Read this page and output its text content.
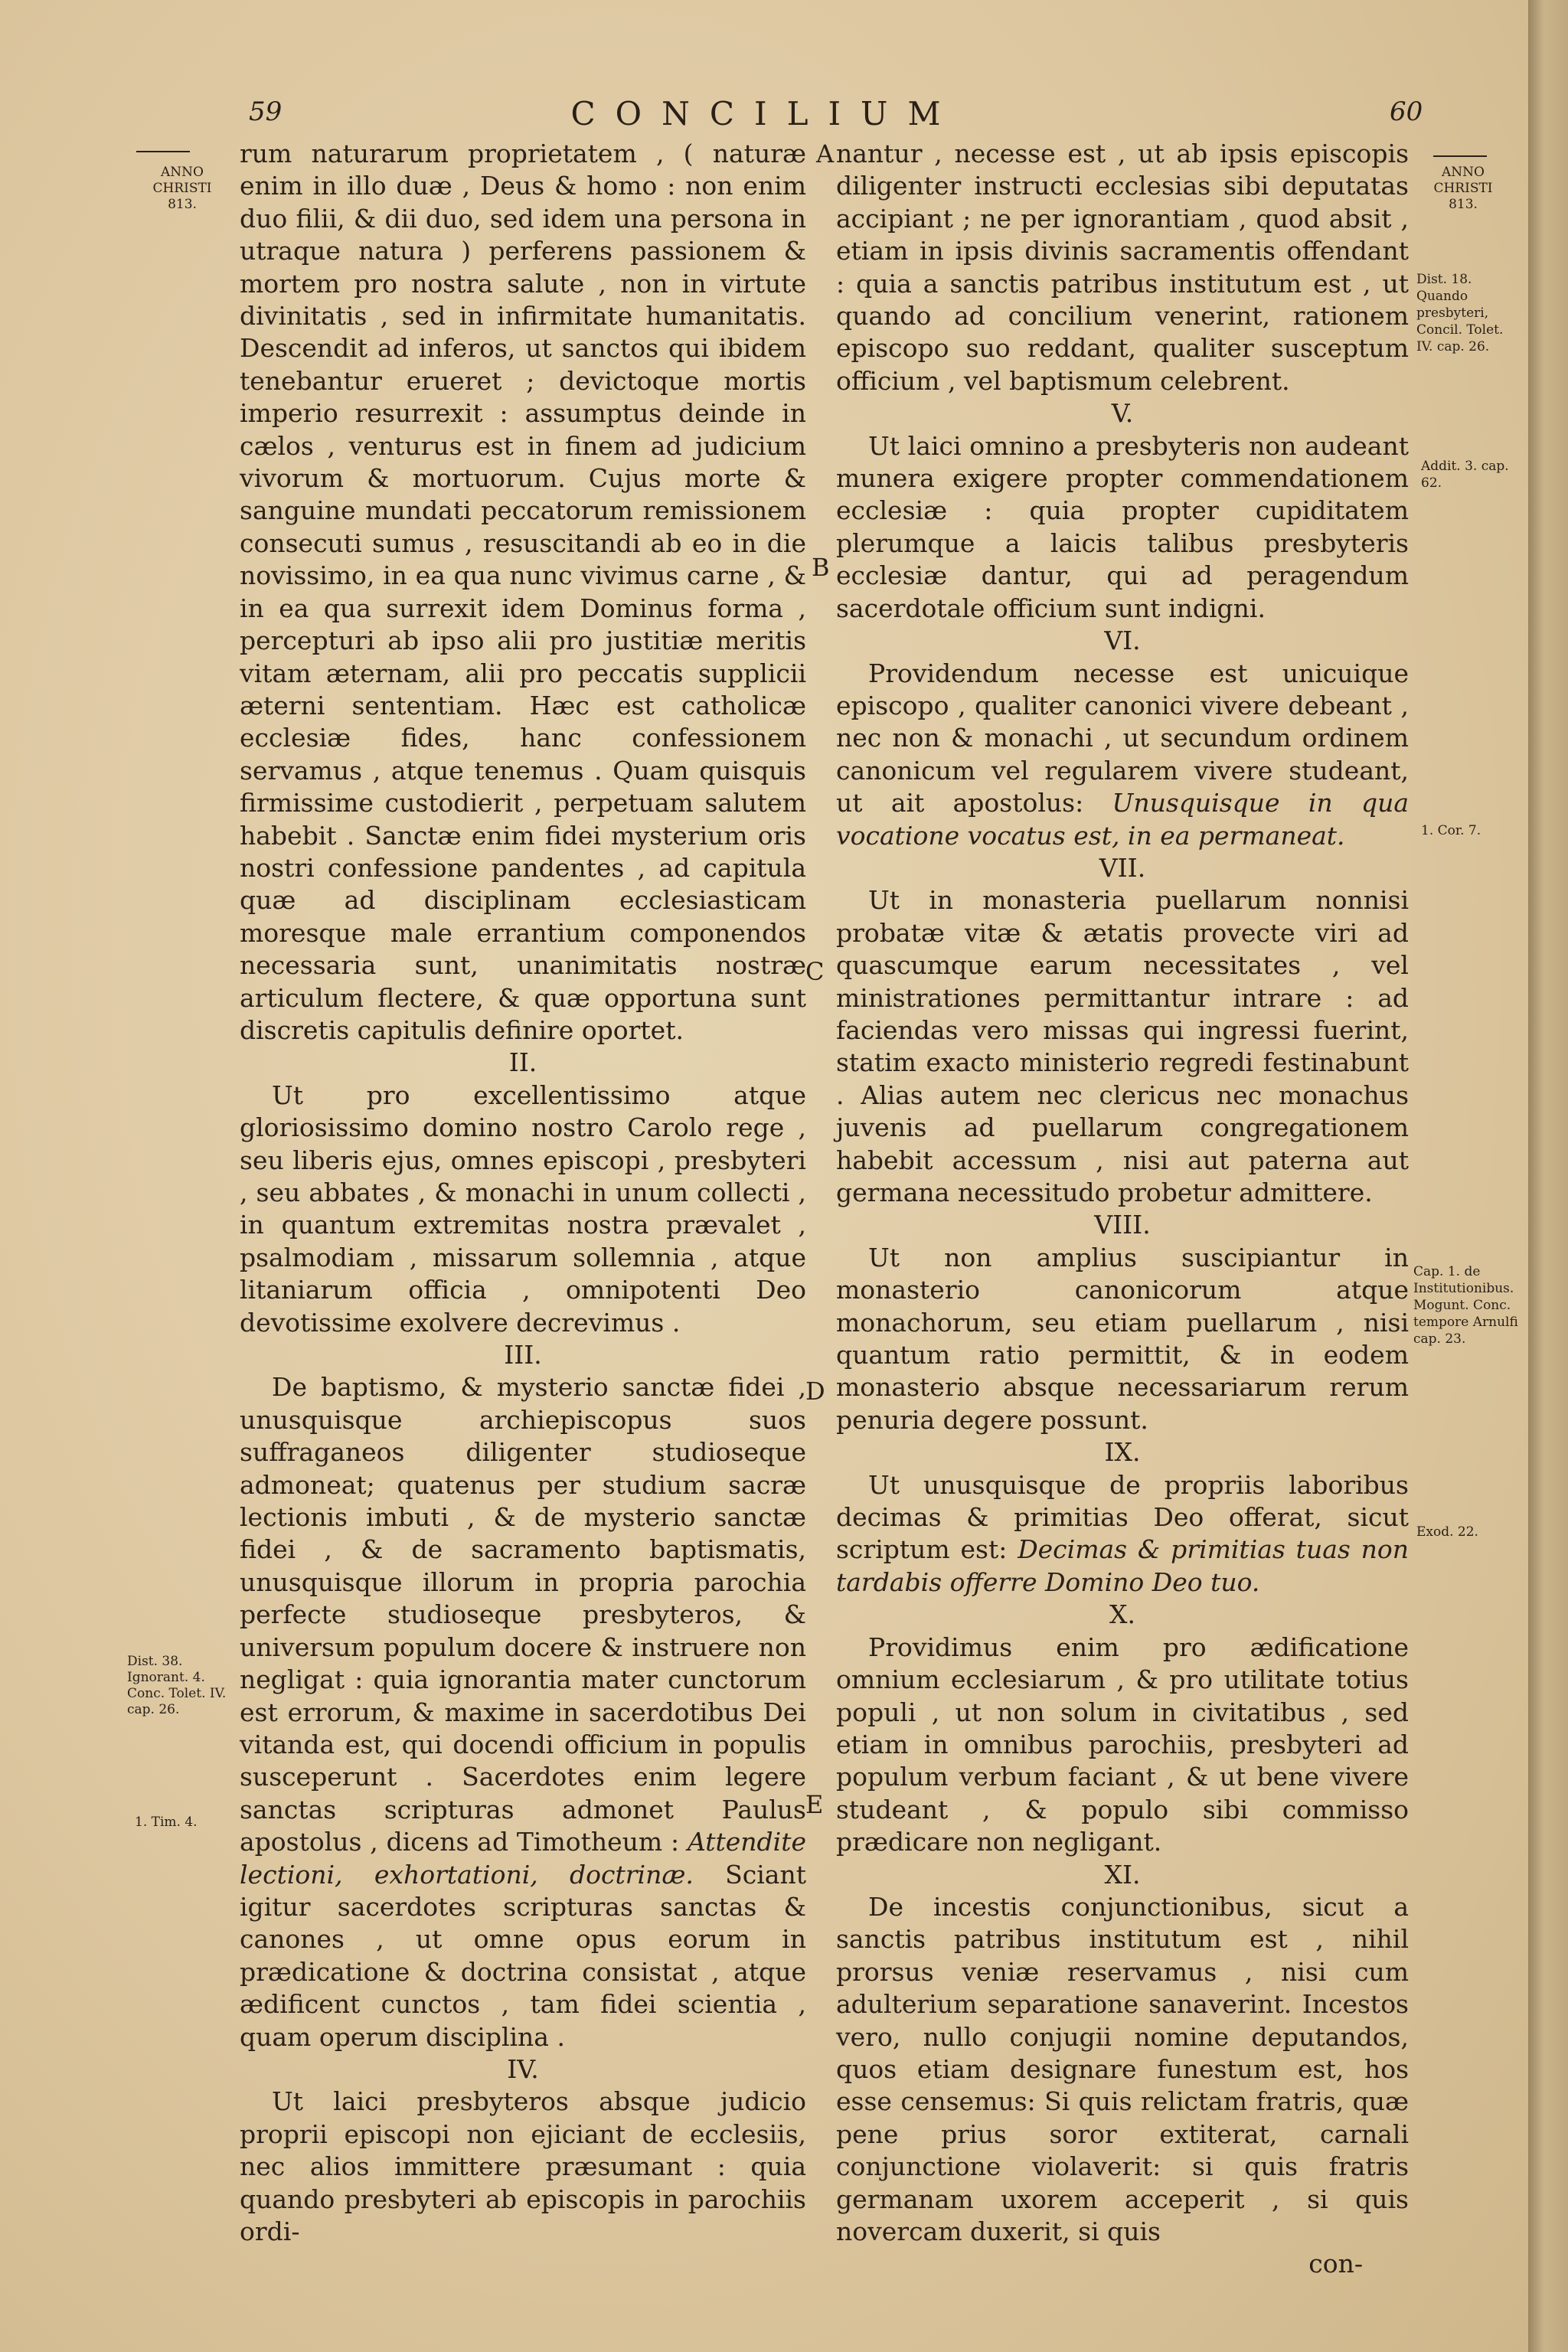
59	CONCILIUM	60
ANNO
CHRISTI
813.
Dist. 38. Ignorant. 4. Conc. Tolet. IV. cap. 26.
1. Tim. 4.
ANNO
CHRISTI
813.
Dist. 18. Quando presbyteri, Concil. Tolet. IV. cap. 26.
Addit. 3. cap. 62.
1. Cor. 7.
Cap. 1. de Institutionibus. Mogunt. Conc. tempore Arnulfi cap. 23.
Exod. 22.
A
B
C
D
E

rum naturarum proprietatem , ( naturæ enim in illo duæ , Deus & homo : non enim duo filii, & dii duo, sed idem una persona in utraque natura ) perferens passionem & mortem pro nostra salute , non in virtute divinitatis , sed in infirmitate humanitatis. Descendit ad inferos, ut sanctos qui ibidem tenebantur erueret ; devictoque mortis imperio resurrexit : assumptus deinde in cælos , venturus est in finem ad judicium vivorum & mortuorum. Cujus morte & sanguine mundati peccatorum remissionem consecuti sumus , resuscitandi ab eo in die novissimo, in ea qua nunc vivimus carne , & in ea qua surrexit idem Dominus forma , percepturi ab ipso alii pro justitiæ meritis vitam æternam, alii pro peccatis supplicii æterni sententiam. Hæc est catholicæ ecclesiæ fides, hanc confessionem servamus , atque tenemus . Quam quisquis firmissime custodierit , perpetuam salutem habebit . Sanctæ enim fidei mysterium oris nostri confessione pandentes , ad capitula quæ ad disciplinam ecclesiasticam moresque male errantium componendos necessaria sunt, unanimitatis nostræ articulum flectere, & quæ opportuna sunt discretis capitulis definire oportet.

II.

Ut pro excellentissimo atque gloriosissimo domino nostro Carolo rege , seu liberis ejus, omnes episcopi , presbyteri , seu abbates , & monachi in unum collecti , in quantum extremitas nostra prævalet , psalmodiam , missarum sollemnia , atque litaniarum officia , omnipotenti Deo devotissime exolvere decrevimus .

III.

De baptismo, & mysterio sanctæ fidei , unusquisque archiepiscopus suos suffraganeos diligenter studioseque admoneat; quatenus per studium sacræ lectionis imbuti , & de mysterio sanctæ fidei , & de sacramento baptismatis, unusquisque illorum in propria parochia perfecte studioseque presbyteros, & universum populum docere & instruere non negligat : quia ignorantia mater cunctorum est errorum, & maxime in sacerdotibus Dei vitanda est, qui docendi officium in populis susceperunt . Sacerdotes enim legere sanctas scripturas admonet Paulus apostolus , dicens ad Timotheum : Attendite lectioni, exhortationi, doctrinæ. Sciant igitur sacerdotes scripturas sanctas & canones , ut omne opus eorum in prædicatione & doctrina consistat , atque ædificent cunctos , tam fidei scientia , quam operum disciplina .

IV.

Ut laici presbyteros absque judicio proprii episcopi non ejiciant de ecclesiis, nec alios immittere præsumant : quia quando presbyteri ab episcopis in parochiis ordi-

nantur , necesse est , ut ab ipsis episcopis diligenter instructi ecclesias sibi deputatas accipiant ; ne per ignorantiam , quod absit , etiam in ipsis divinis sacramentis offendant : quia a sanctis patribus institutum est , ut quando ad concilium venerint, rationem episcopo suo reddant, qualiter susceptum officium , vel baptismum celebrent.

V.

Ut laici omnino a presbyteris non audeant munera exigere propter commendationem ecclesiæ : quia propter cupiditatem plerumque a laicis talibus presbyteris ecclesiæ dantur, qui ad peragendum sacerdotale officium sunt indigni.

VI.

Providendum necesse est unicuique episcopo , qualiter canonici vivere debeant , nec non & monachi , ut secundum ordinem canonicum vel regularem vivere studeant, ut ait apostolus: Unusquisque in qua vocatione vocatus est, in ea permaneat.

VII.

Ut in monasteria puellarum nonnisi probatæ vitæ & ætatis provecte viri ad quascumque earum necessitates , vel ministrationes permittantur intrare : ad faciendas vero missas qui ingressi fuerint, statim exacto ministerio regredi festinabunt . Alias autem nec clericus nec monachus juvenis ad puellarum congregationem habebit accessum , nisi aut paterna aut germana necessitudo probetur admittere.

VIII.

Ut non amplius suscipiantur in monasterio canonicorum atque monachorum, seu etiam puellarum , nisi quantum ratio permittit, & in eodem monasterio absque necessariarum rerum penuria degere possunt.

IX.

Ut unusquisque de propriis laboribus decimas & primitias Deo offerat, sicut scriptum est: Decimas & primitias tuas non tardabis offerre Domino Deo tuo.

X.

Providimus enim pro ædificatione omnium ecclesiarum , & pro utilitate totius populi , ut non solum in civitatibus , sed etiam in omnibus parochiis, presbyteri ad populum verbum faciant , & ut bene vivere studeant , & populo sibi commisso prædicare non negligant.

XI.

De incestis conjunctionibus, sicut a sanctis patribus institutum est , nihil prorsus veniæ reservamus , nisi cum adulterium separatione sanaverint. Incestos vero, nullo conjugii nomine deputandos, quos etiam designare funestum est, hos esse censemus: Si quis relictam fratris, quæ pene prius soror extiterat, carnali conjunctione violaverit: si quis fratris germanam uxorem acceperit , si quis novercam duxerit, si quis

con-
